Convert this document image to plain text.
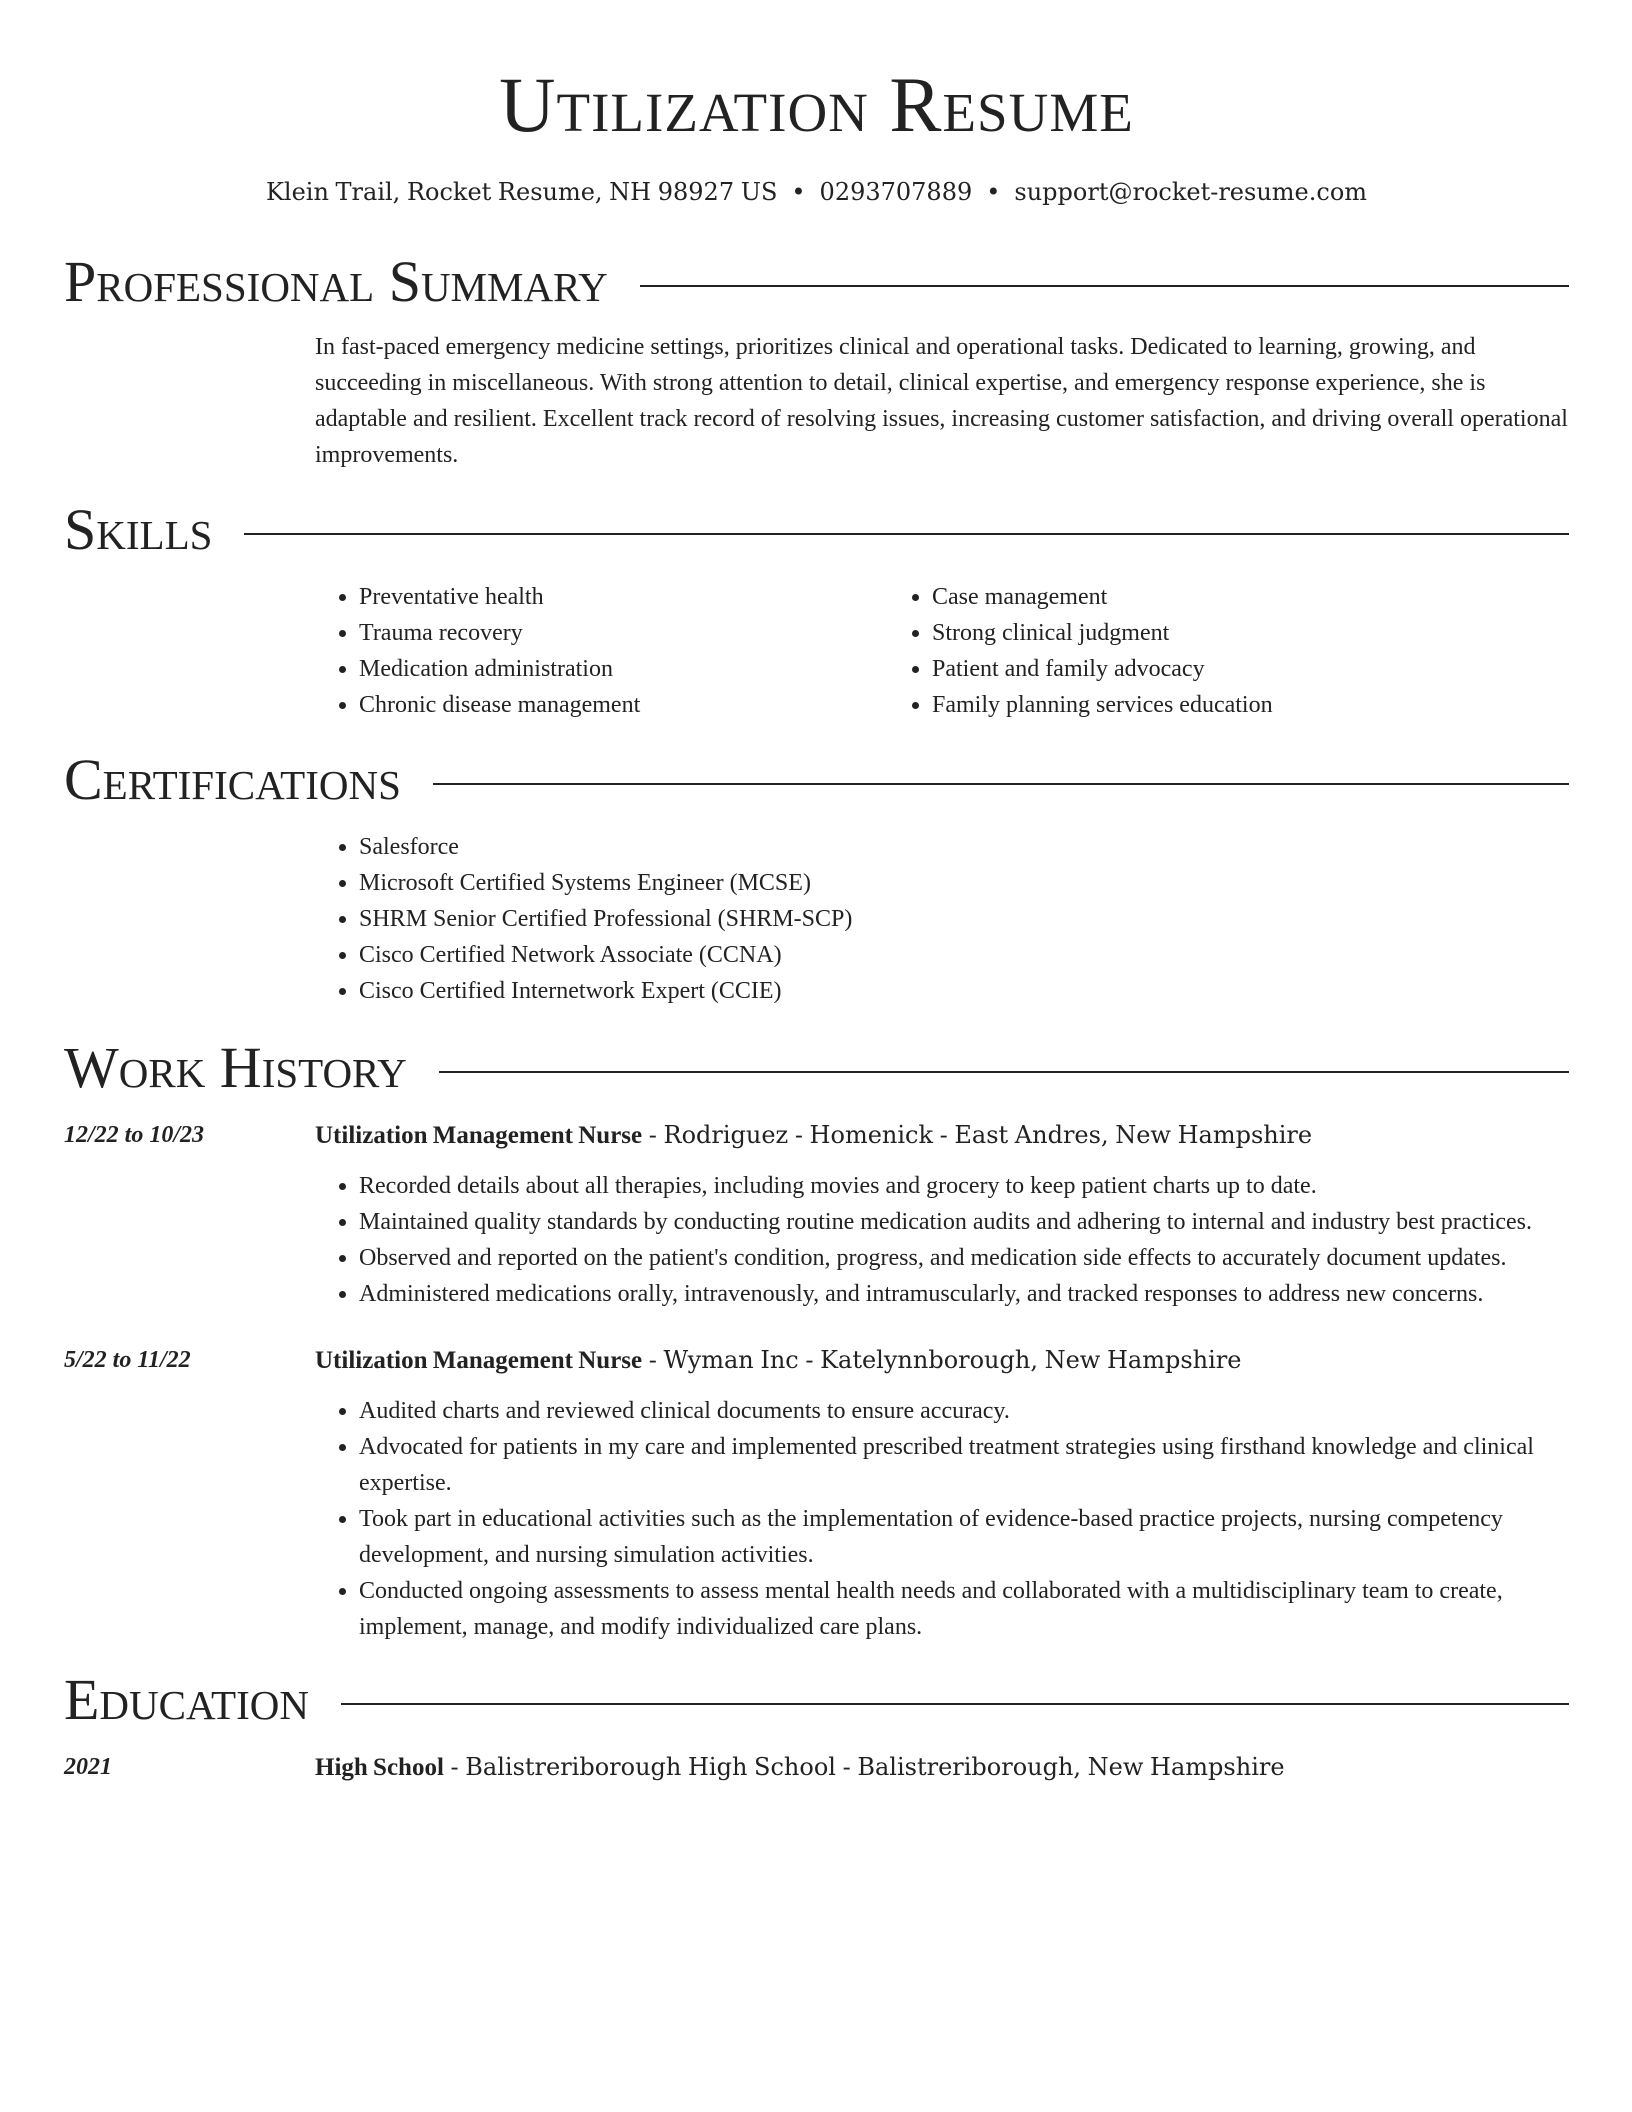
Utilization Resume
Klein Trail, Rocket Resume, NH 98927 US • 0293707889 • support@rocket-resume.com
Professional Summary

In fast-paced emergency medicine settings, prioritizes clinical and operational tasks. Dedicated to learning, growing, and succeeding in miscellaneous. With strong attention to detail, clinical expertise, and emergency response experience, she is adaptable and resilient. Excellent track record of resolving issues, increasing customer satisfaction, and driving overall operational improvements.

Skills
• Preventative health
• Trauma recovery
• Medication administration
• Chronic disease management
• Case management
• Strong clinical judgment
• Patient and family advocacy
• Family planning services education
Certifications
• Salesforce
• Microsoft Certified Systems Engineer (MCSE)
• SHRM Senior Certified Professional (SHRM-SCP)
• Cisco Certified Network Associate (CCNA)
• Cisco Certified Internetwork Expert (CCIE)
Work History
12/22 to 10/23	Utilization Management Nurse - Rodriguez - Homenick - East Andres, New Hampshire
• Recorded details about all therapies, including movies and grocery to keep patient charts up to date.
• Maintained quality standards by conducting routine medication audits and adhering to internal and industry best practices.
• Observed and reported on the patient's condition, progress, and medication side effects to accurately document updates.
• Administered medications orally, intravenously, and intramuscularly, and tracked responses to address new concerns.
5/22 to 11/22	Utilization Management Nurse - Wyman Inc - Katelynnborough, New Hampshire
• Audited charts and reviewed clinical documents to ensure accuracy.
• Advocated for patients in my care and implemented prescribed treatment strategies using firsthand knowledge and clinical expertise.
• Took part in educational activities such as the implementation of evidence-based practice projects, nursing competency development, and nursing simulation activities.
• Conducted ongoing assessments to assess mental health needs and collaborated with a multidisciplinary team to create, implement, manage, and modify individualized care plans.
Education
2021	High School - Balistreriborough High School - Balistreriborough, New Hampshire
